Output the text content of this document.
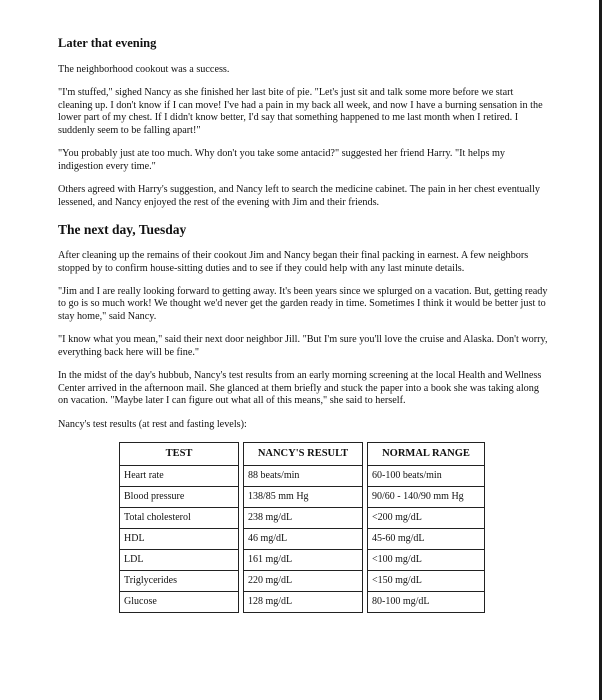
Later that evening

The neighborhood cookout was a success.

"I'm stuffed," sighed Nancy as she finished her last bite of pie. "Let's just sit and talk some more before we start cleaning up. I don't know if I can move! I've had a pain in my back all week, and now I have a burning sensation in the lower part of my chest. If I didn't know better, I'd say that something happened to me last month when I retired. I suddenly seem to be falling apart!"

"You probably just ate too much. Why don't you take some antacid?" suggested her friend Harry. "It helps my indigestion every time."

Others agreed with Harry's suggestion, and Nancy left to search the medicine cabinet. The pain in her chest eventually lessened, and Nancy enjoyed the rest of the evening with Jim and their friends.

The next day, Tuesday

After cleaning up the remains of their cookout Jim and Nancy began their final packing in earnest. A few neighbors stopped by to confirm house-sitting duties and to see if they could help with any last minute details.

"Jim and I are really looking forward to getting away. It's been years since we splurged on a vacation. But, getting ready to go is so much work! We thought we'd never get the garden ready in time. Sometimes I think it would be better just to stay home," said Nancy.

"I know what you mean," said their next door neighbor Jill. "But I'm sure you'll love the cruise and Alaska. Don't worry, everything back here will be fine."

In the midst of the day's hubbub, Nancy's test results from an early morning screening at the local Health and Wellness Center arrived in the afternoon mail. She glanced at them briefly and stuck the paper into a book she was taking along on vacation. "Maybe later I can figure out what all of this means," she said to herself.

Nancy's test results (at rest and fasting levels):

TEST		NANCY'S RESULT		NORMAL RANGE
Heart rate		88 beats/min		60-100 beats/min
Blood pressure		138/85 mm Hg		90/60 - 140/90 mm Hg
Total cholesterol		238 mg/dL		<200 mg/dL
HDL		46 mg/dL		45-60 mg/dL
LDL		161 mg/dL		<100 mg/dL
Triglycerides		220 mg/dL		<150 mg/dL
Glucose		128 mg/dL		80-100 mg/dL
